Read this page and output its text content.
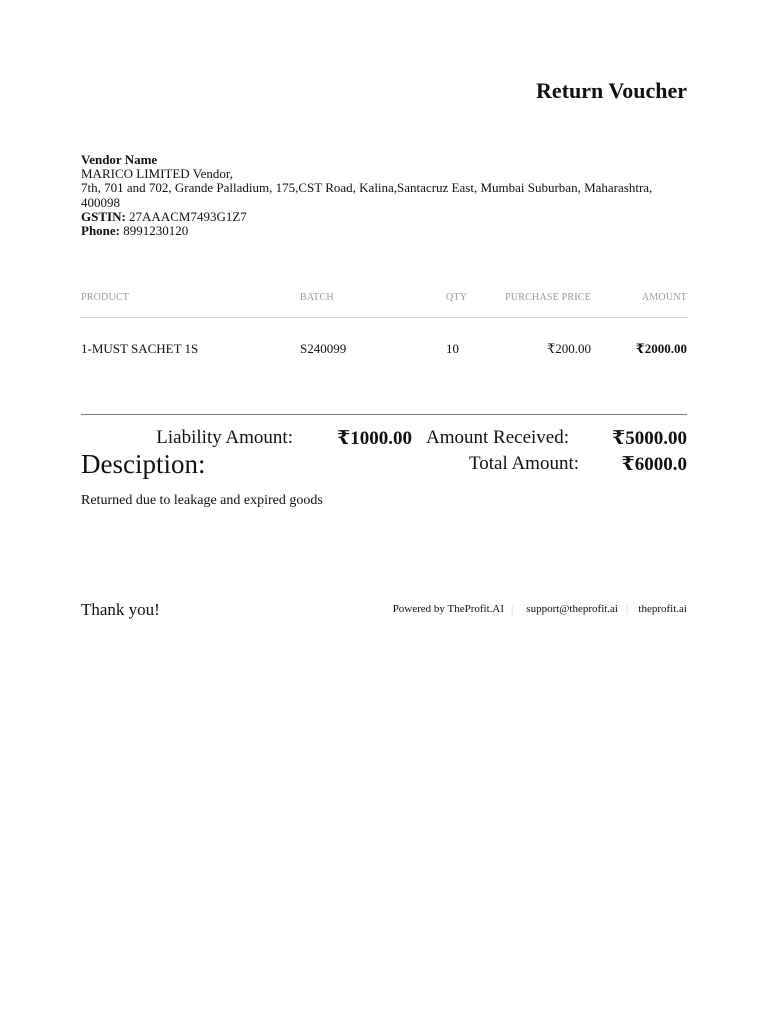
Return Voucher
Vendor Name
MARICO LIMITED Vendor,
7th, 701 and 702, Grande Palladium, 175,CST Road, Kalina,Santacruz East, Mumbai Suburban, Maharashtra, 400098
GSTIN: 27AAACM7493G1Z7
Phone: 8991230120
PRODUCT	BATCH	QTY	PURCHASE PRICE	AMOUNT
1-MUST SACHET 1S	S240099	10	₹200.00	₹2000.00
Liability Amount: ₹1000.00 Amount Received: ₹5000.00
Desciption:	Total Amount: ₹6000.0
Returned due to leakage and expired goods
Thank you!	Powered by TheProfit.AI | support@theprofit.ai | theprofit.ai
